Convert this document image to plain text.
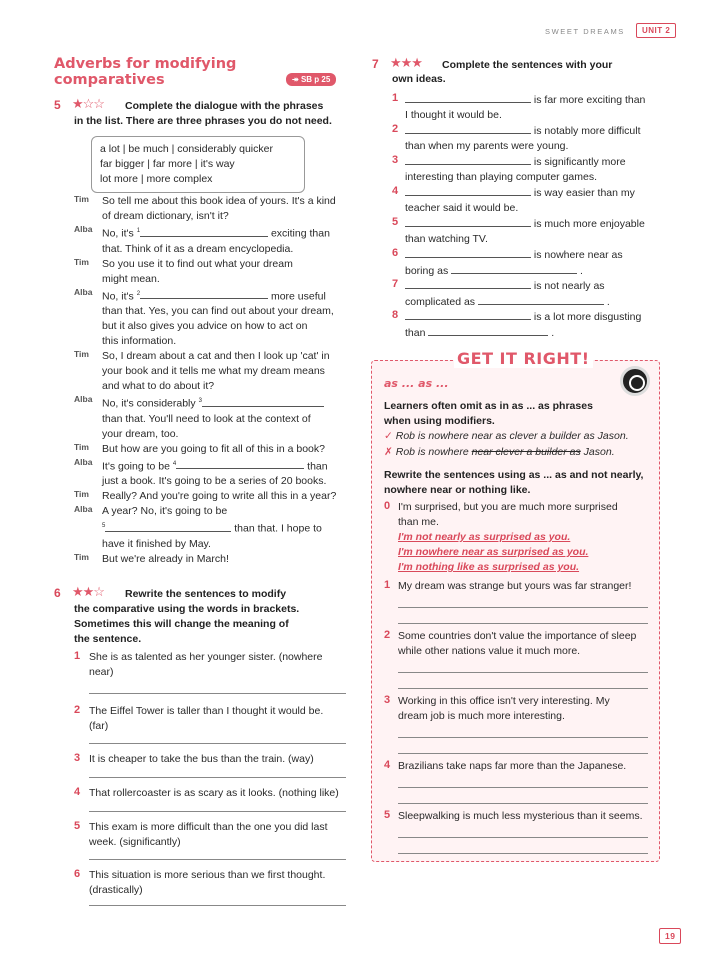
SWEET DREAMS	UNIT 2
Adverbs for modifying
comparatives	↠ SB p 25
5 ★☆☆ Complete the dialogue with the phrases
in the list. There are three phrases you do not need.
a lot | be much | considerably quicker
far bigger | far more | it's way
lot more | more complex
Tim	So tell me about this book idea of yours. It's a kind
of dream dictionary, isn't it?
Alba No, it's $^1$	exciting than
that. Think of it as a dream encyclopedia.
Tim	So you use it to find out what your dream
might mean.
Alba No, it's $^2$	more useful
than that. Yes, you can find out about your dream,
but it also gives you advice on how to act on
this information.
Tim	So, I dream about a cat and then I look up 'cat' in
your book and it tells me what my dream means
and what to do about it?
Alba No, it's considerably $^3$
than that. You'll need to look at the context of
your dream, too.
Tim	But how are you going to fit all of this in a book?
Alba It's going to be $^4$	than
just a book. It's going to be a series of 20 books.
Tim	Really? And you're going to write all this in a year?
Alba A year? No, it's going to be
$^5$	than that. I hope to
have it finished by May.
Tim	But we're already in March!
6 ★★☆ Rewrite the sentences to modify
the comparative using the words in brackets.
Sometimes this will change the meaning of
the sentence.
1 She is as talented as her younger sister. (nowhere
near)
2 The Eiffel Tower is taller than I thought it would be.
(far)
3 It is cheaper to take the bus than the train. (way)
4 That rollercoaster is as scary as it looks. (nothing like)
5 This exam is more difficult than the one you did last
week. (significantly)
6 This situation is more serious than we first thought.
(drastically)
7 ★★★ Complete the sentences with your
own ideas.
1	is far more exciting than
I thought it would be.
2	is notably more difficult
than when my parents were young.
3	is significantly more
interesting than playing computer games.
4	is way easier than my
teacher said it would be.
5	is much more enjoyable
than watching TV.
6	is nowhere near as
boring as	.
7	is not nearly as
complicated as	.
8	is a lot more disgusting
than	.
GET IT RIGHT!
as ... as ...
Learners often omit as in as ... as phrases
when using modifiers.
✓ Rob is nowhere near as clever a builder as Jason.
✗ Rob is nowhere near clever a builder as Jason.
Rewrite the sentences using as ... as and not nearly,
nowhere near or nothing like.
0 I'm surprised, but you are much more surprised
than me.
I'm not nearly as surprised as you.
I'm nowhere near as surprised as you.
I'm nothing like as surprised as you.
1 My dream was strange but yours was far stranger!
2 Some countries don't value the importance of sleep
while other nations value it much more.
3 Working in this office isn't very interesting. My
dream job is much more interesting.
4 Brazilians take naps far more than the Japanese.
5 Sleepwalking is much less mysterious than it seems.
19
